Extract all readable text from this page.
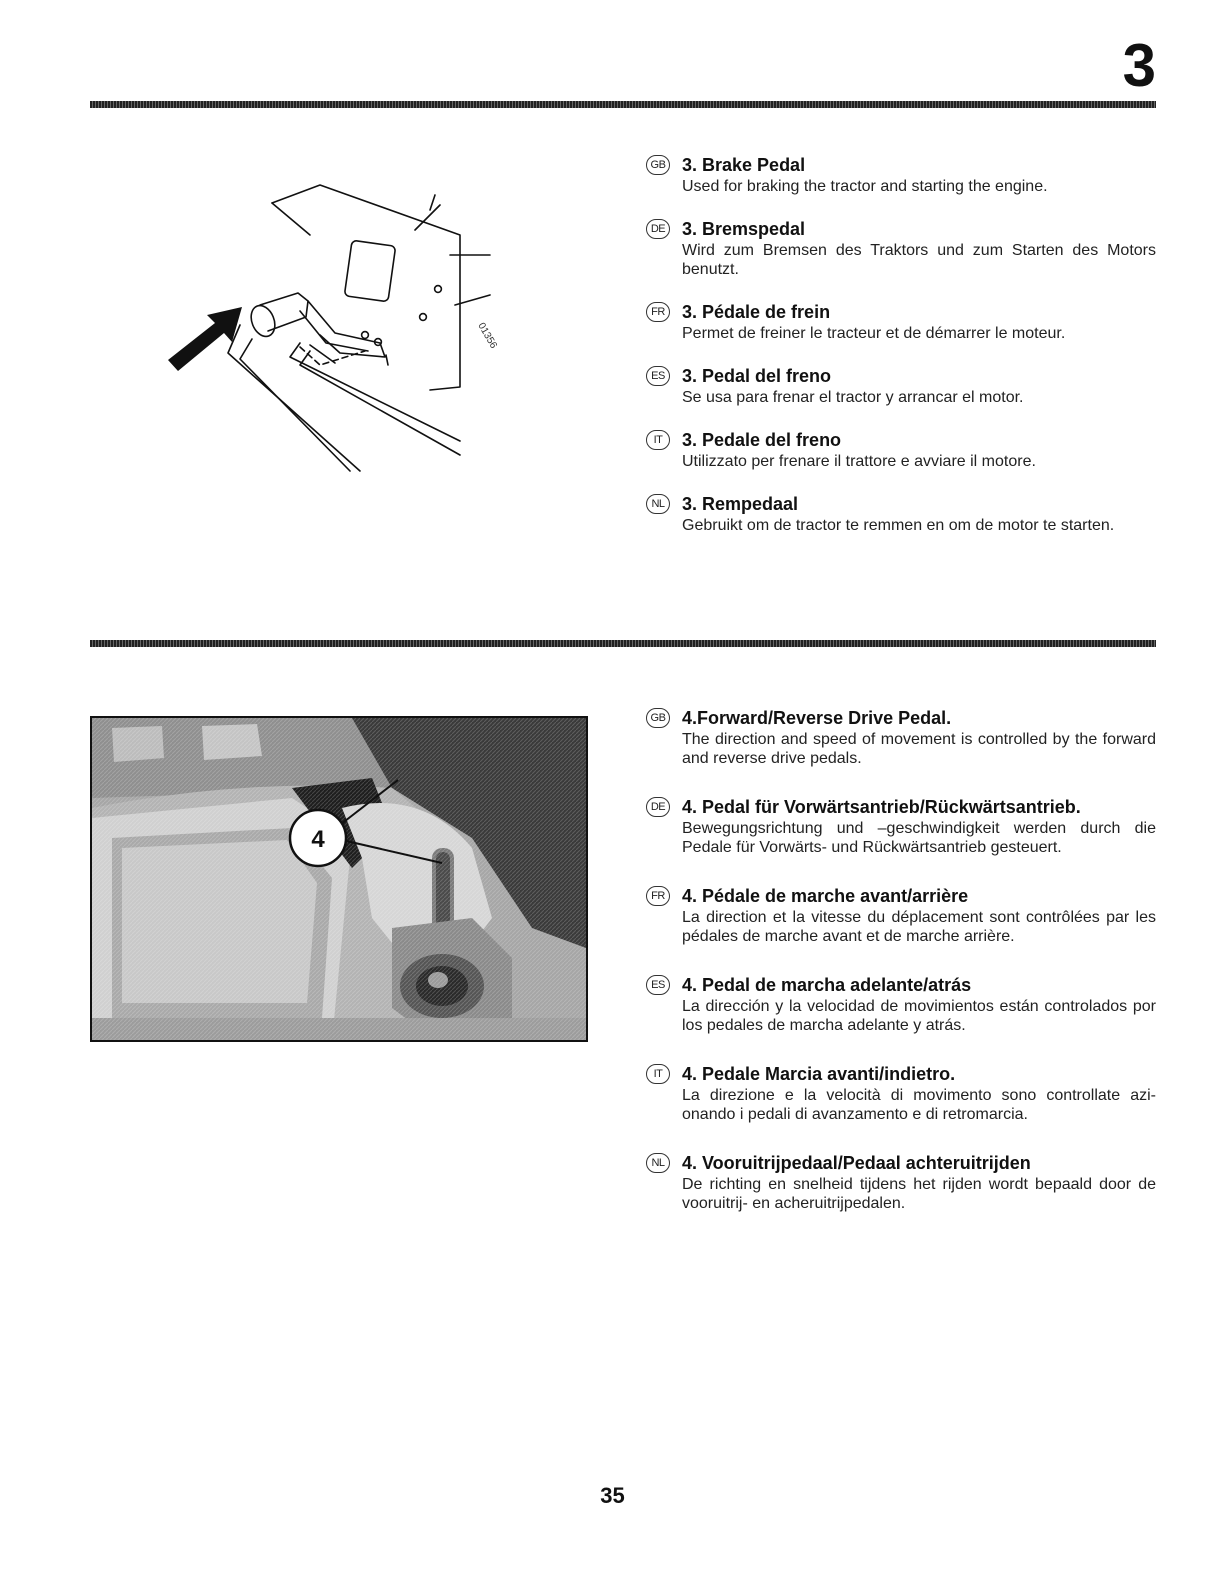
3
01356
GB 3. Brake Pedal
Used for braking the tractor and starting the engine.
DE 3. Bremspedal
Wird zum Bremsen des Traktors und zum Starten des Motors benutzt.
FR 3. Pédale de frein
Permet de freiner le tracteur et de démarrer le moteur.
ES 3. Pedal del freno
Se usa para frenar el tractor y arrancar el motor.
IT	3. Pedale del freno
Utilizzato per frenare il trattore e avviare il motore.
NL 3. Rempedaal
Gebruikt om de tractor te remmen en om de motor te starten.
4
GB 4.Forward/Reverse Drive Pedal.
The direction and speed of movement is controlled by the forward and reverse drive pedals.
DE 4. Pedal für Vorwärtsantrieb/Rückwärtsantrieb.
Bewegungsrichtung und –geschwindigkeit werden durch die Pedale für Vorwärts- und Rückwärtsantrieb gesteuert.
FR 4. Pédale de marche avant/arrière
La direction et la vitesse du déplacement sont contrôlées par les pédales de marche avant et de marche arrière.
ES 4. Pedal de marcha adelante/atrás
La dirección y la velocidad de movimientos están controlados por los pedales de marcha adelante y atrás.
IT	4. Pedale Marcia avanti/indietro.
La direzione e la velocità di movimento sono controllate azi-onando i pedali di avanzamento e di retromarcia.
NL 4. Vooruitrijpedaal/Pedaal achteruitrijden
De richting en snelheid tijdens het rijden wordt bepaald door de vooruitrij- en acheruitrijpedalen.
35
